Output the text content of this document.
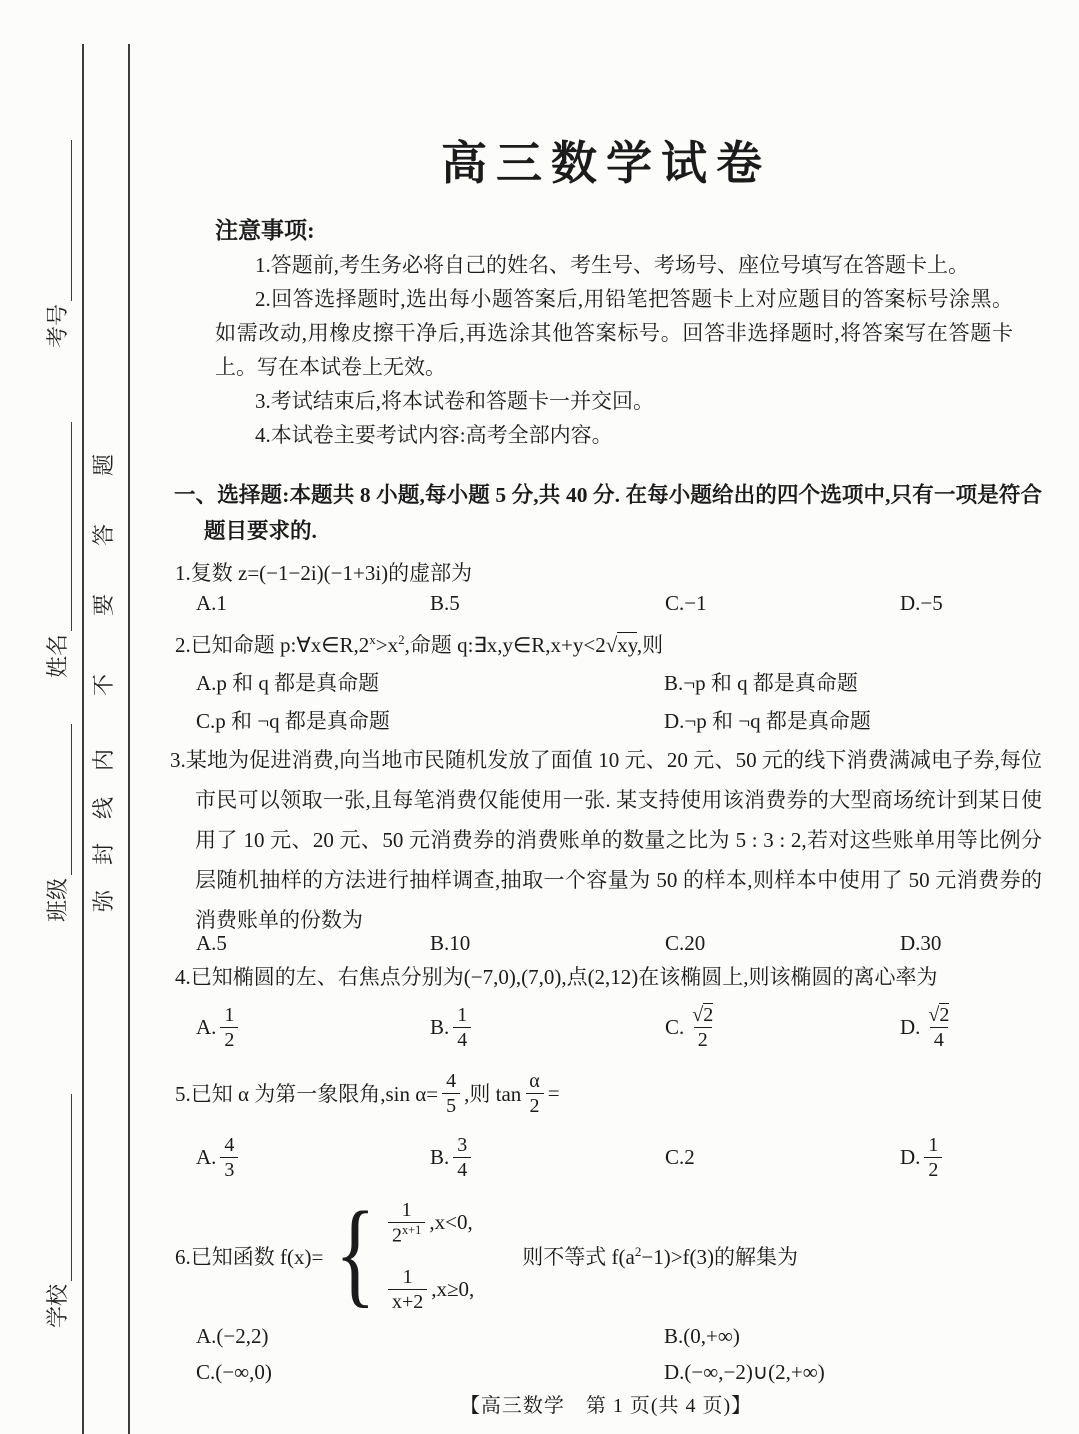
考号
姓名
班级
学校
题
答
要
不
内
线
封
弥
高三数学试卷
注意事项:
1.答题前,考生务必将自己的姓名、考生号、考场号、座位号填写在答题卡上。
2.回答选择题时,选出每小题答案后,用铅笔把答题卡上对应题目的答案标号涂黑。如需改动,用橡皮擦干净后,再选涂其他答案标号。回答非选择题时,将答案写在答题卡上。写在本试卷上无效。
3.考试结束后,将本试卷和答题卡一并交回。
4.本试卷主要考试内容:高考全部内容。
一、选择题:本题共 8 小题,每小题 5 分,共 40 分. 在每小题给出的四个选项中,只有一项是符合题目要求的.
1.复数 z=(−1−2i)(−1+3i)的虚部为
A.1	B.5	C.−1	D.−5
2.已知命题 $p:\forall x\in R,2^x>x^2$,命题 q:∃x,y∈R,x+y<2√xy,则
A.p 和 q 都是真命题	B.¬p 和 q 都是真命题
C.p 和 ¬q 都是真命题	D.¬p 和 ¬q 都是真命题
3.某地为促进消费,向当地市民随机发放了面值 10 元、20 元、50 元的线下消费满减电子券,每位市民可以领取一张,且每笔消费仅能使用一张. 某支持使用该消费券的大型商场统计到某日使用了 10 元、20 元、50 元消费券的消费账单的数量之比为 5 : 3 : 2,若对这些账单用等比例分层随机抽样的方法进行抽样调查,抽取一个容量为 50 的样本,则样本中使用了 50 元消费券的消费账单的份数为
A.5	B.10	C.20	D.30
4.已知椭圆的左、右焦点分别为(−7,0),(7,0),点(2,12)在该椭圆上,则该椭圆的离心率为
A. $\frac{1}{2}$	B. $\frac{1}{4}$	C. $\frac{√2}{2}$	D. $\frac{√2}{4}$
5.已知 α 为第一象限角,sin $\alpha= \frac{4}{5}$ ,则 $\tan \frac{\alpha}{2}$ =
A. $\frac{4}{3}$	B. $\frac{3}{4}$	C. 2	D. $\frac{1}{2}$
6.已知函数 f(x)= { $\frac{1}{2^{x+1}} ,x<0$,
$\frac{1}{x+2} ,x\ge 0$,
则不等式 $f(a^2-1)>f(3)$的解集为
A.(−2,2)	B.(0,+∞)
C.(−∞,0)	D.(−∞,−2)∪(2,+∞)
【高三数学　第 1 页(共 4 页)】
